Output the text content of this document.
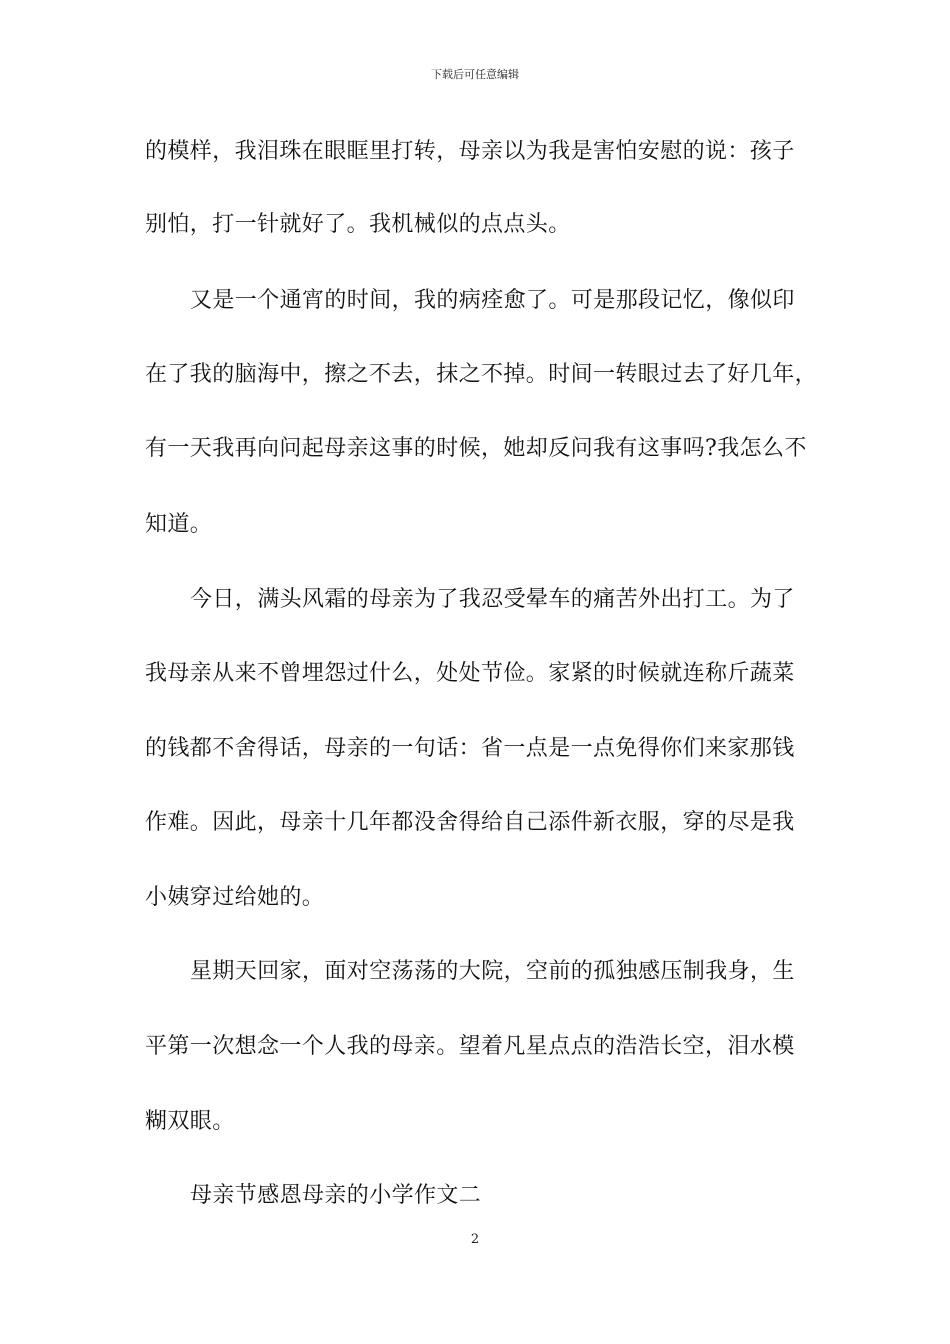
下载后可任意编辑
的模样，我泪珠在眼眶里打转，母亲以为我是害怕安慰的说：孩子
别怕，打一针就好了。我机械似的点点头。
又是一个通宵的时间，我的病痊愈了。可是那段记忆，像似印
在了我的脑海中，擦之不去，抹之不掉。时间一转眼过去了好几年，
有一天我再向问起母亲这事的时候，她却反问我有这事吗?我怎么不
知道。
今日，满头风霜的母亲为了我忍受晕车的痛苦外出打工。为了
我母亲从来不曾埋怨过什么，处处节俭。家紧的时候就连称斤蔬菜
的钱都不舍得话，母亲的一句话：省一点是一点免得你们来家那钱
作难。因此，母亲十几年都没舍得给自己添件新衣服，穿的尽是我
小姨穿过给她的。
星期天回家，面对空荡荡的大院，空前的孤独感压制我身，生
平第一次想念一个人我的母亲。望着凡星点点的浩浩长空，泪水模
糊双眼。
母亲节感恩母亲的小学作文二
2
